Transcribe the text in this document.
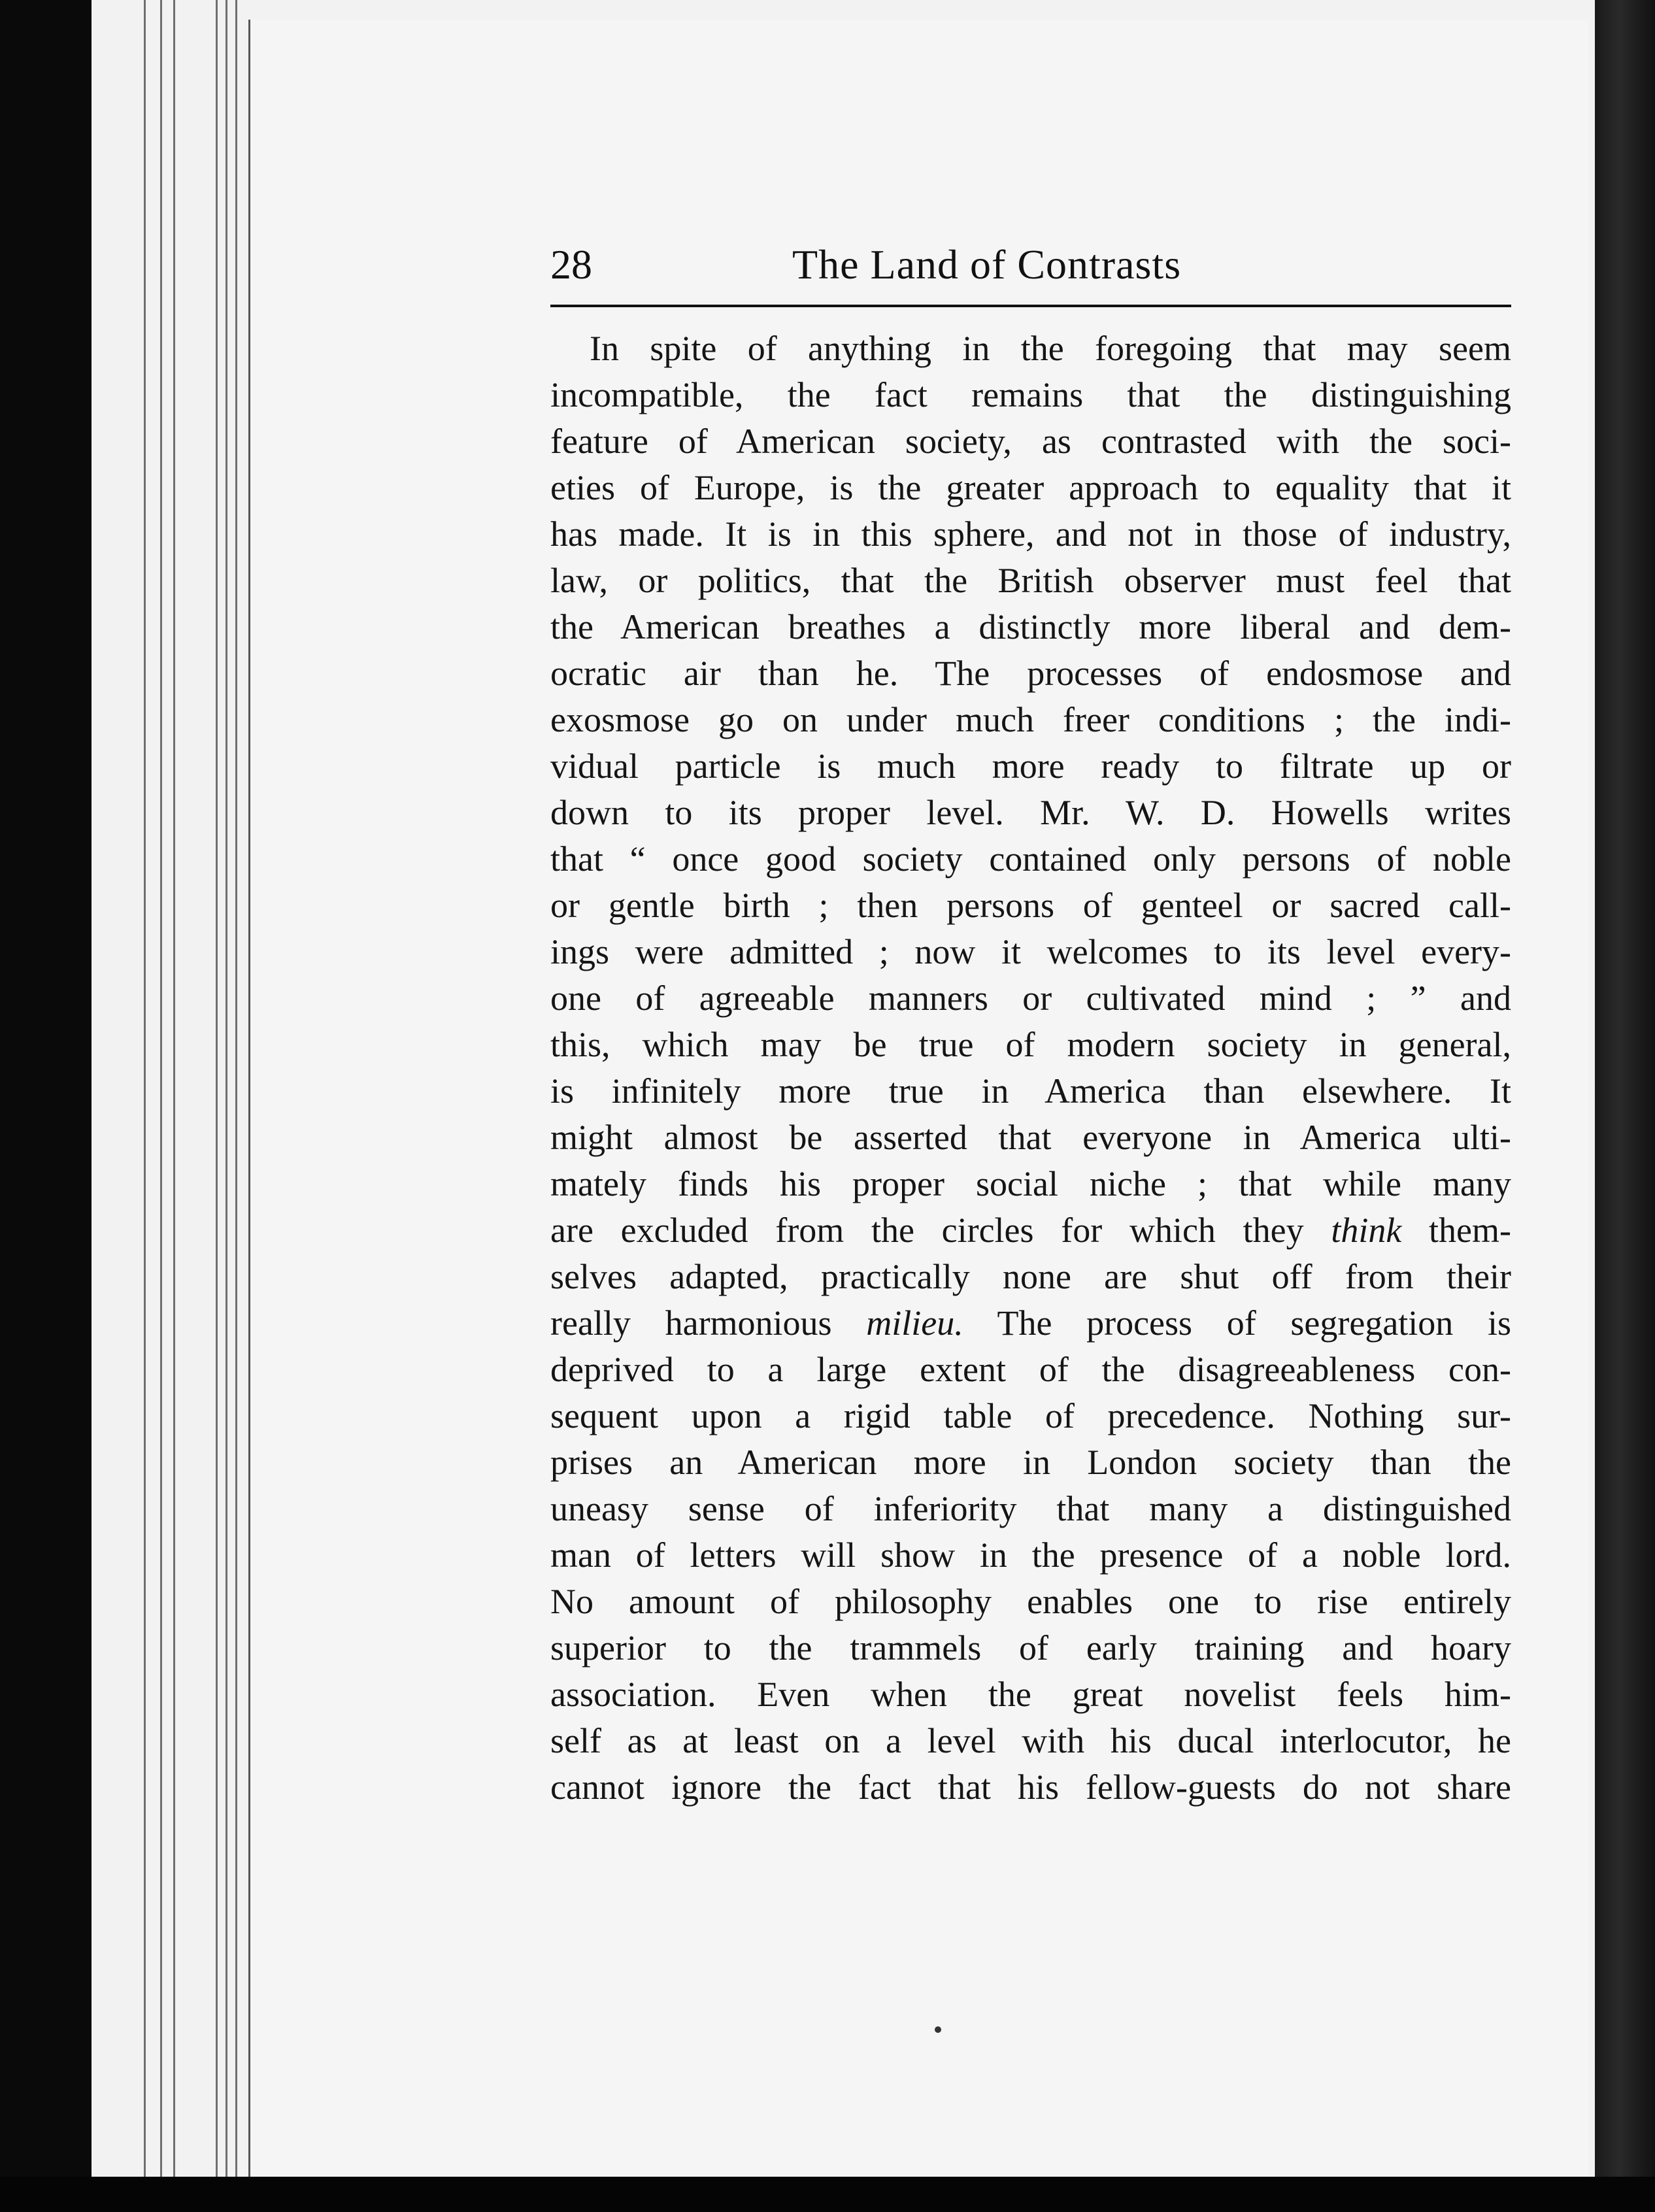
28	The Land of Contrasts
In spite of anything in the foregoing that may seem
incompatible, the fact remains that the distinguishing
feature of American society, as contrasted with the soci-
eties of Europe, is the greater approach to equality that it
has made. It is in this sphere, and not in those of industry,
law, or politics, that the British observer must feel that
the American breathes a distinctly more liberal and dem-
ocratic air than he. The processes of endosmose and
exosmose go on under much freer conditions ; the indi-
vidual particle is much more ready to filtrate up or
down to its proper level. Mr. W. D. Howells writes
that “ once good society contained only persons of noble
or gentle birth ; then persons of genteel or sacred call-
ings were admitted ; now it welcomes to its level every-
one of agreeable manners or cultivated mind ; ” and
this, which may be true of modern society in general,
is infinitely more true in America than elsewhere. It
might almost be asserted that everyone in America ulti-
mately finds his proper social niche ; that while many
are excluded from the circles for which they think them-
selves adapted, practically none are shut off from their
really harmonious milieu. The process of segregation is
deprived to a large extent of the disagreeableness con-
sequent upon a rigid table of precedence. Nothing sur-
prises an American more in London society than the
uneasy sense of inferiority that many a distinguished
man of letters will show in the presence of a noble lord.
No amount of philosophy enables one to rise entirely
superior to the trammels of early training and hoary
association. Even when the great novelist feels him-
self as at least on a level with his ducal interlocutor, he
cannot ignore the fact that his fellow-guests do not share
